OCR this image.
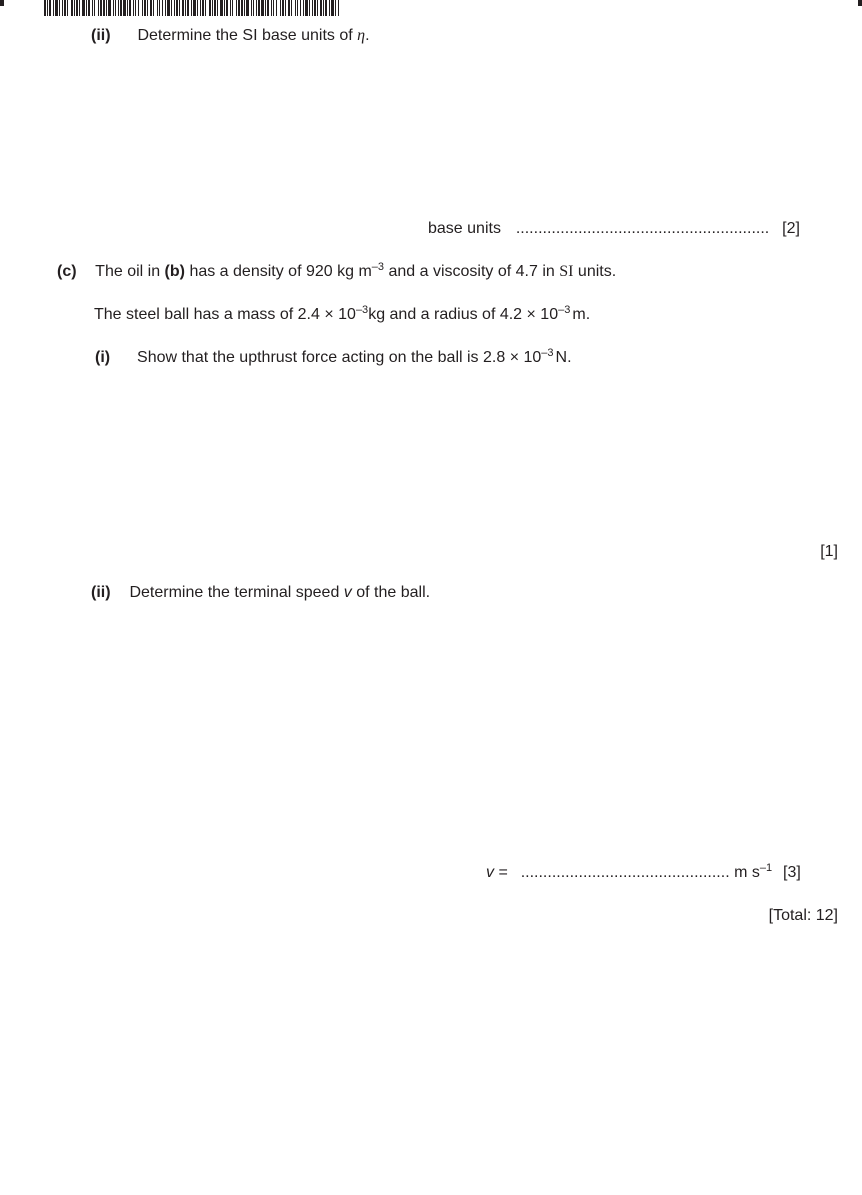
(ii) Determine the SI base units of η.
base units ......................................................... [2]
(c) The oil in (b) has a density of 920 kg $m^{-3}$ and a viscosity of 4.7 in SI units.
The steel ball has a mass of $2.4 \times 10^{-3}kg$ and a radius of $4.2 \times 10^{-3}$ m.
(i) Show that the upthrust force acting on the ball is $2.8 \times 10^{-3}$ N.
[1]
(ii) Determine the terminal speed v of the ball.
v = ............................................... m $s^{-1}$ [3]
[Total: 12]
